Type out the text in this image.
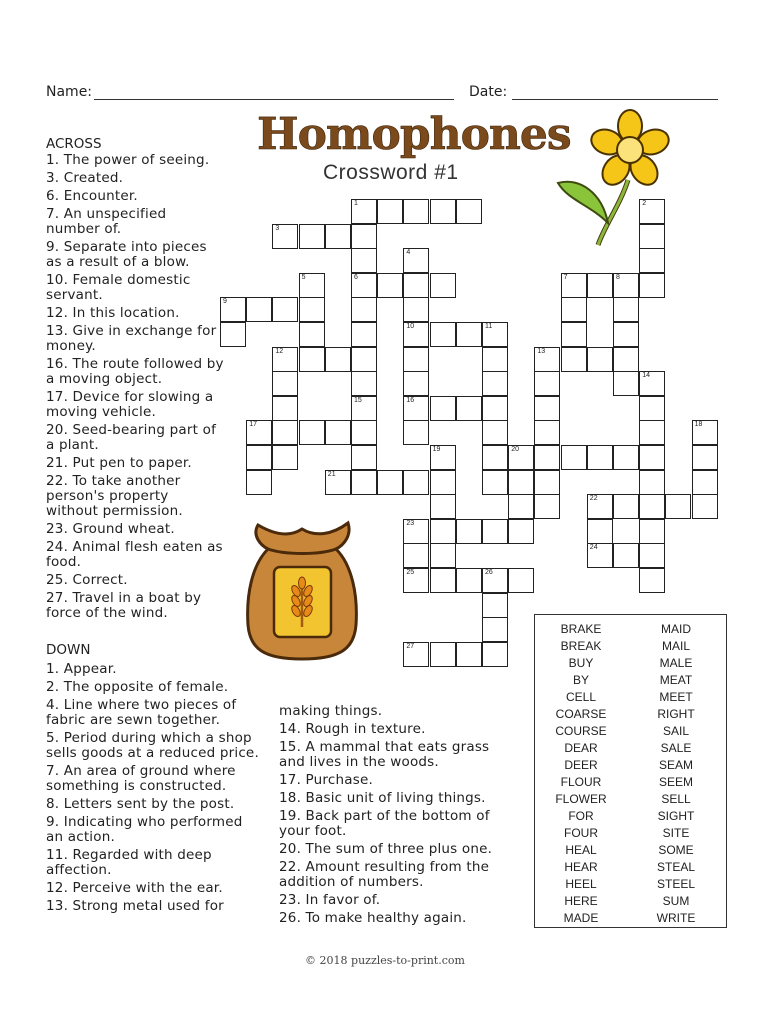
Name:	Date:
Homophones
Crossword #1
ACROSS
1. The power of seeing.
3. Created.
6. Encounter.
7. An unspecified number of.
9. Separate into pieces as a result of a blow.
10. Female domestic servant.
12. In this location.
13. Give in exchange for money.
16. The route followed by a moving object.
17. Device for slowing a moving vehicle.
20. Seed-bearing part of a plant.
21. Put pen to paper.
22. To take another person's property without permission.
23. Ground wheat.
24. Animal flesh eaten as food.
25. Correct.
27. Travel in a boat by force of the wind.
DOWN
1. Appear.
2. The opposite of female.
4. Line where two pieces of fabric are sewn together.
5. Period during which a shop sells goods at a reduced price.
7. An area of ground where something is constructed.
8. Letters sent by the post.
9. Indicating who performed an action.
11. Regarded with deep affection.
12. Perceive with the ear.
13. Strong metal used for
making things.
14. Rough in texture.
15. A mammal that eats grass and lives in the woods.
17. Purchase.
18. Basic unit of living things.
19. Back part of the bottom of your foot.
20. The sum of three plus one.
22. Amount resulting from the addition of numbers.
23. In favor of.
26. To make healthy again.
1
3
6	7	8
9
10	11
12	13
16
17
20
21
22
23
24
25	26
27
2
4
5
14
15
18
19
BRAKE
BREAK
BUY
BY
CELL
COARSE
COURSE
DEAR
DEER
FLOUR
FLOWER
FOR
FOUR
HEAL
HEAR
HEEL
HERE
MADE
MAID
MAIL
MALE
MEAT
MEET
RIGHT
SAIL
SALE
SEAM
SEEM
SELL
SIGHT
SITE
SOME
STEAL
STEEL
SUM
WRITE
© 2018 puzzles-to-print.com
